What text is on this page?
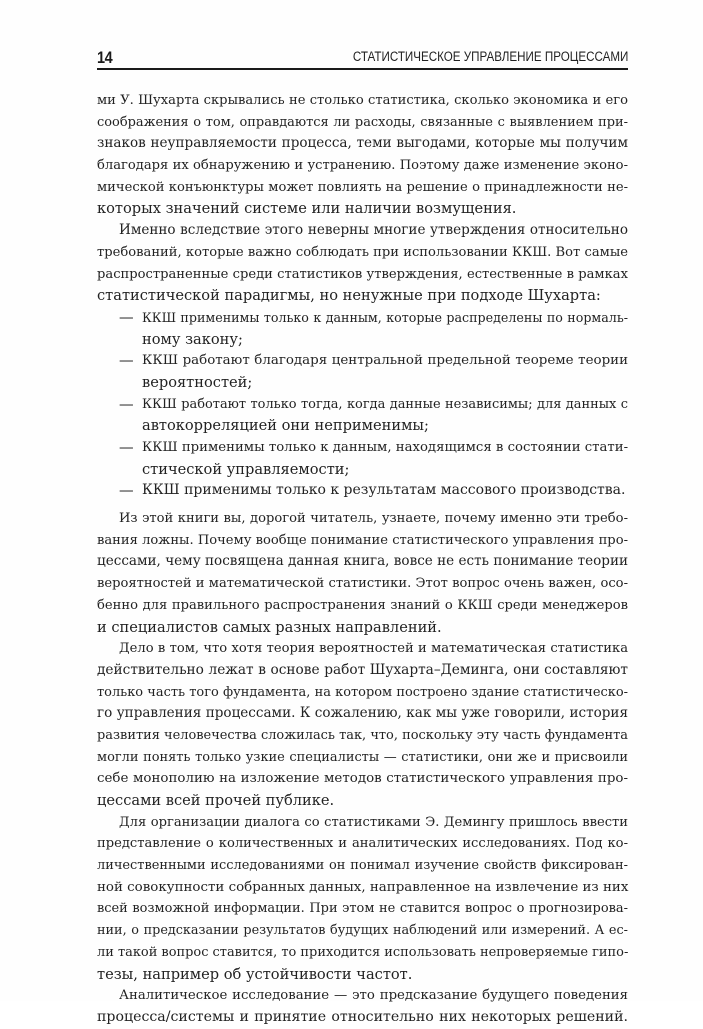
14	СТАТИСТИЧЕСКОЕ УПРАВЛЕНИЕ ПРОЦЕССАМИ
ми У. Шухарта скрывались не столько статистика, сколько экономика и его
соображения о том, оправдаются ли расходы, связанные с выявлением при-
знаков неуправляемости процесса, теми выгодами, которые мы получим
благодаря их обнаружению и устранению. Поэтому даже изменение эконо-
мической конъюнктуры может повлиять на решение о принадлежности не-
которых значений системе или наличии возмущения.
Именно вследствие этого неверны многие утверждения относительно
требований, которые важно соблюдать при использовании ККШ. Вот самые
распространенные среди статистиков утверждения, естественные в рамках
статистической парадигмы, но ненужные при подходе Шухарта:
— ККШ применимы только к данным, которые распределены по нормаль-
ному закону;
— ККШ работают благодаря центральной предельной теореме теории
вероятностей;
— ККШ работают только тогда, когда данные независимы; для данных с
автокорреляцией они неприменимы;
— ККШ применимы только к данным, находящимся в состоянии стати-
стической управляемости;
— ККШ применимы только к результатам массового производства.
Из этой книги вы, дорогой читатель, узнаете, почему именно эти требо-
вания ложны. Почему вообще понимание статистического управления про-
цессами, чему посвящена данная книга, вовсе не есть понимание теории
вероятностей и математической статистики. Этот вопрос очень важен, осо-
бенно для правильного распространения знаний о ККШ среди менеджеров
и специалистов самых разных направлений.
Дело в том, что хотя теория вероятностей и математическая статистика
действительно лежат в основе работ Шухарта–Деминга, они составляют
только часть того фундамента, на котором построено здание статистическо-
го управления процессами. К сожалению, как мы уже говорили, история
развития человечества сложилась так, что, поскольку эту часть фундамента
могли понять только узкие специалисты — статистики, они же и присвоили
себе монополию на изложение методов статистического управления про-
цессами всей прочей публике.
Для организации диалога со статистиками Э. Демингу пришлось ввести
представление о количественных и аналитических исследованиях. Под ко-
личественными исследованиями он понимал изучение свойств фиксирован-
ной совокупности собранных данных, направленное на извлечение из них
всей возможной информации. При этом не ставится вопрос о прогнозирова-
нии, о предсказании результатов будущих наблюдений или измерений. А ес-
ли такой вопрос ставится, то приходится использовать непроверяемые гипо-
тезы, например об устойчивости частот.
Аналитическое исследование — это предсказание будущего поведения
процесса/системы и принятие относительно них некоторых решений.
